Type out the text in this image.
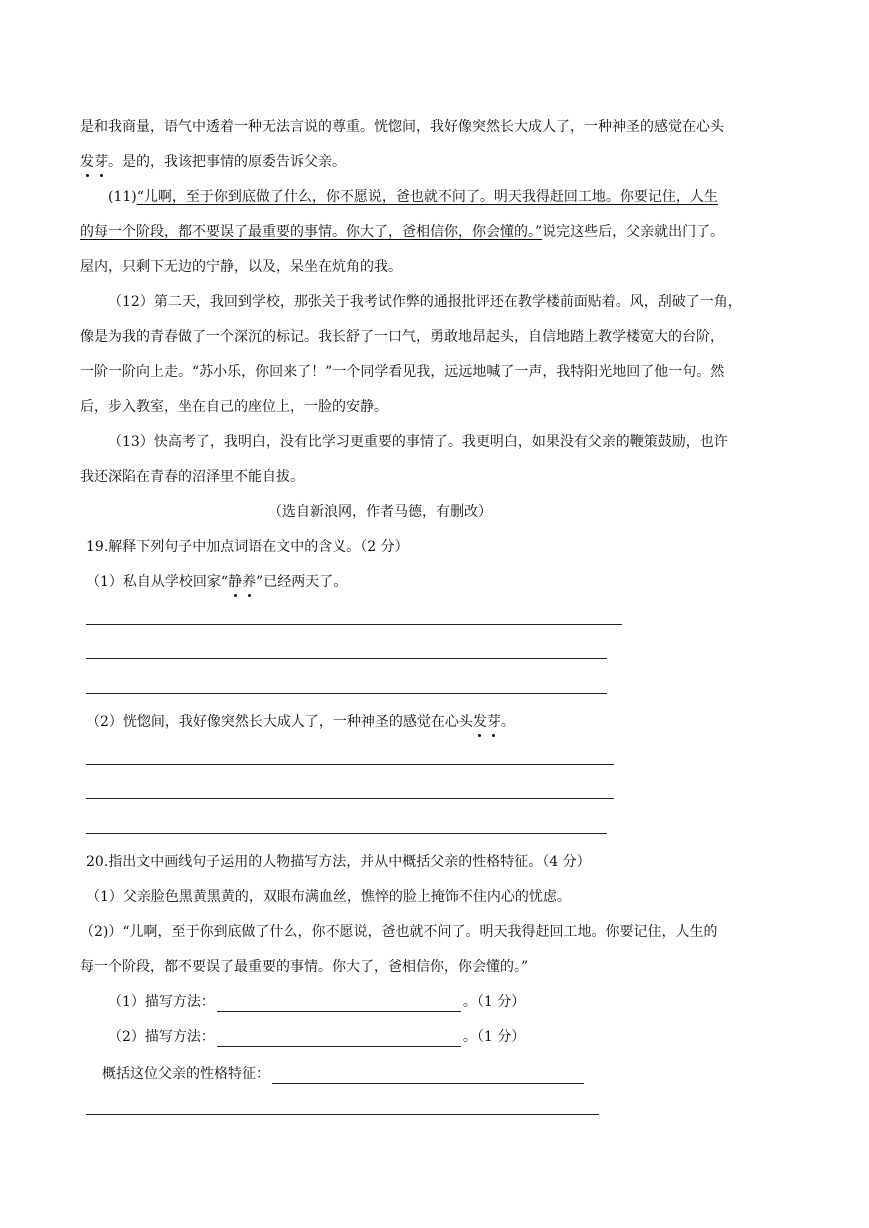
是和我商量，语气中透着一种无法言说的尊重。恍惚间，我好像突然长大成人了，一种神圣的感觉在心头
发芽。是的，我该把事情的原委告诉父亲。
(11)“儿啊，至于你到底做了什么，你不愿说，爸也就不问了。明天我得赶回工地。你要记住，人生
的每一个阶段，都不要误了最重要的事情。你大了，爸相信你，你会懂的。”说完这些后，父亲就出门了。
屋内，只剩下无边的宁静，以及，呆坐在炕角的我。
（12）第二天，我回到学校，那张关于我考试作弊的通报批评还在教学楼前面贴着。风，刮破了一角，
像是为我的青春做了一个深沉的标记。我长舒了一口气，勇敢地昂起头，自信地踏上教学楼宽大的台阶，
一阶一阶向上走。“苏小乐，你回来了！”一个同学看见我，远远地喊了一声，我特阳光地回了他一句。然
后，步入教室，坐在自己的座位上，一脸的安静。
（13）快高考了，我明白，没有比学习更重要的事情了。我更明白，如果没有父亲的鞭策鼓励，也许
我还深陷在青春的沼泽里不能自拔。
（选自新浪网，作者马德，有删改）
19.解释下列句子中加点词语在文中的含义。（2 分）
（1）私自从学校回家“静养”已经两天了。
（2）恍惚间，我好像突然长大成人了，一种神圣的感觉在心头发芽。
20.指出文中画线句子运用的人物描写方法，并从中概括父亲的性格特征。（4 分）
（1）父亲脸色黑黄黑黄的，双眼布满血丝，憔悴的脸上掩饰不住内心的忧虑。
（2)）“儿啊，至于你到底做了什么，你不愿说，爸也就不问了。明天我得赶回工地。你要记住，人生的
每一个阶段，都不要误了最重要的事情。你大了，爸相信你，你会懂的。”
（1）描写方法：	。（1 分）
（2）描写方法：	。（1 分）
概括这位父亲的性格特征：
